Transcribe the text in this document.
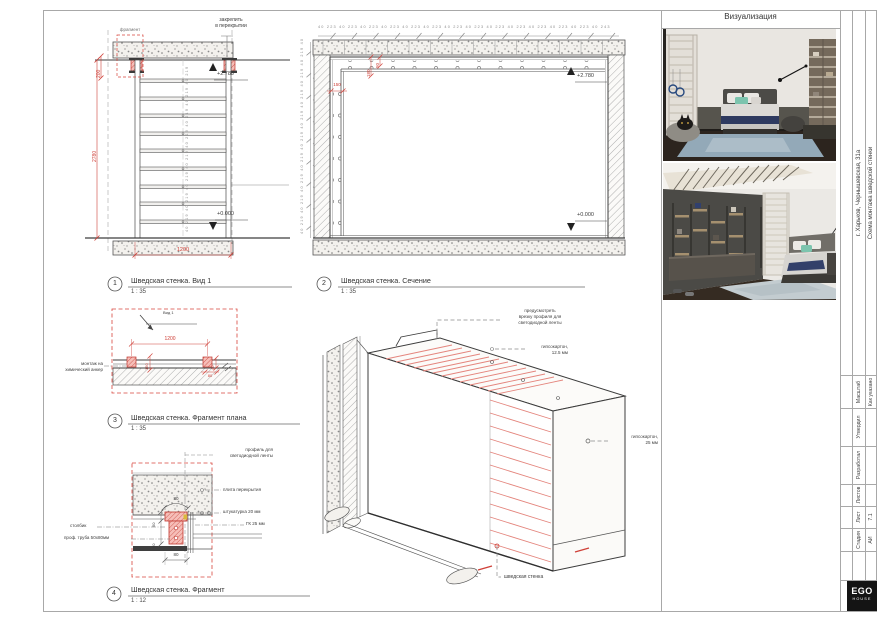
фрагмент
закрепить
в перекрытии
200
2780
+2.780
+0.000
1200
40 219 40 219 40 219 40 219 40 219 40 219 40 219 40 219
1	Шведская стенка. Вид 1
1 : 35
40 223 40 223 40 223 40 223 40 223 40 223 40 223 40 223 40 223 40 223 40 223 40 223 40 223 40 243
40 219 40 219 40 219 40 219 40 219 40 219 40 219 40 219 40 219 40	180
50
150
+2.780
+0.000
2	Шведская стенка. Сечение
1 : 35
Вид 1
1200
150	40
80
монтаж на
химический анкер
3	Шведская стенка. Фрагмент плана
1 : 35
профиль для
светодиодной ленты
плита перекрытия
штукатурка 20 мм
ГК 25 мм
столбик
проф. труба 50x80мм
80
50
50
80
4	Шведская стенка. Фрагмент
1 : 12
предусмотреть
врезку профиля для
светодиодной ленты
гипсокартон,
12.5 мм
гипсокартон,
25 мм
шведская стенка
Визуализация
г. Харьков, Чернышевская, 31а Схема монтажа шведской стенки
Масштаб Как указано
Утвердил
Разработал
Листов
Лист 7.1
Стадия АИ
EGO
HOUSE
